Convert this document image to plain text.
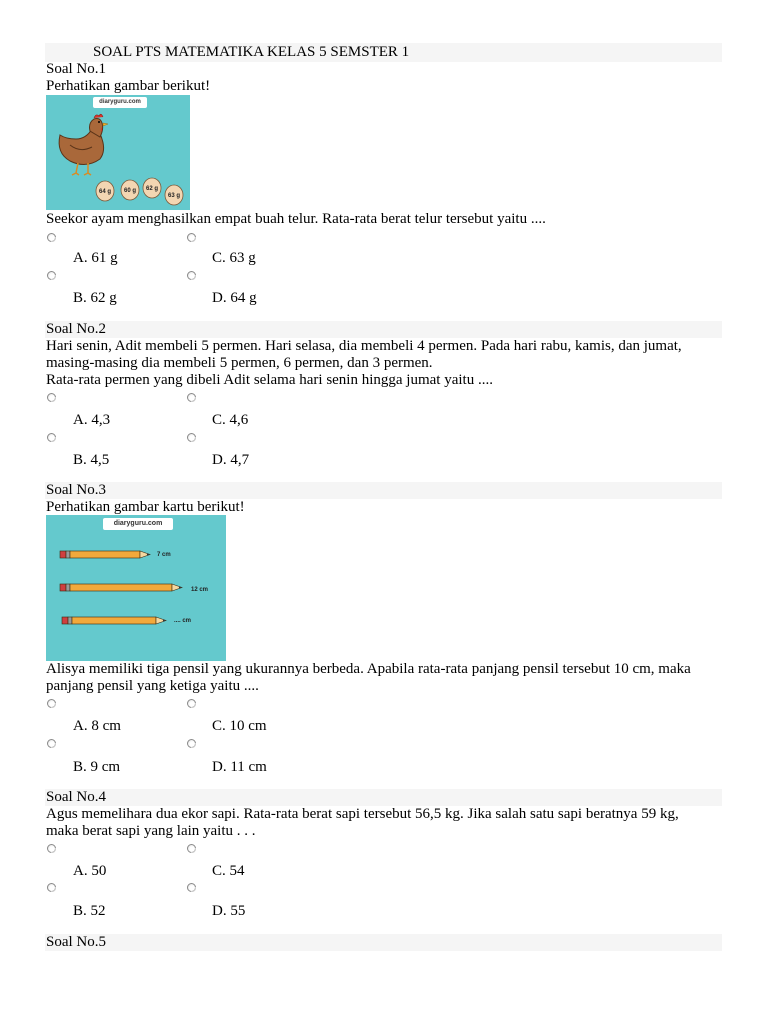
SOAL PTS MATEMATIKA KELAS 5 SEMSTER 1
Soal No.1
Perhatikan gambar berikut!
diaryguru.com
64 g 60 g 62 g
63 g
Seekor ayam menghasilkan empat buah telur. Rata-rata berat telur tersebut yaitu ....
A. 61 g	C. 63 g
B. 62 g	D. 64 g
Soal No.2
Hari senin, Adit membeli 5 permen. Hari selasa, dia membeli 4 permen. Pada hari rabu, kamis, dan jumat,
masing-masing dia membeli 5 permen, 6 permen, dan 3 permen.
Rata-rata permen yang dibeli Adit selama hari senin hingga jumat yaitu ....
A. 4,3	C. 4,6
B. 4,5	D. 4,7
Soal No.3
Perhatikan gambar kartu berikut!
diaryguru.com
7 cm
12 cm
.... cm
Alisya memiliki tiga pensil yang ukurannya berbeda. Apabila rata-rata panjang pensil tersebut 10 cm, maka
panjang pensil yang ketiga yaitu ....
A. 8 cm	C. 10 cm
B. 9 cm	D. 11 cm
Soal No.4
Agus memelihara dua ekor sapi. Rata-rata berat sapi tersebut 56,5 kg. Jika salah satu sapi beratnya 59 kg,
maka berat sapi yang lain yaitu . . .
A. 50	C. 54
B. 52	D. 55
Soal No.5
